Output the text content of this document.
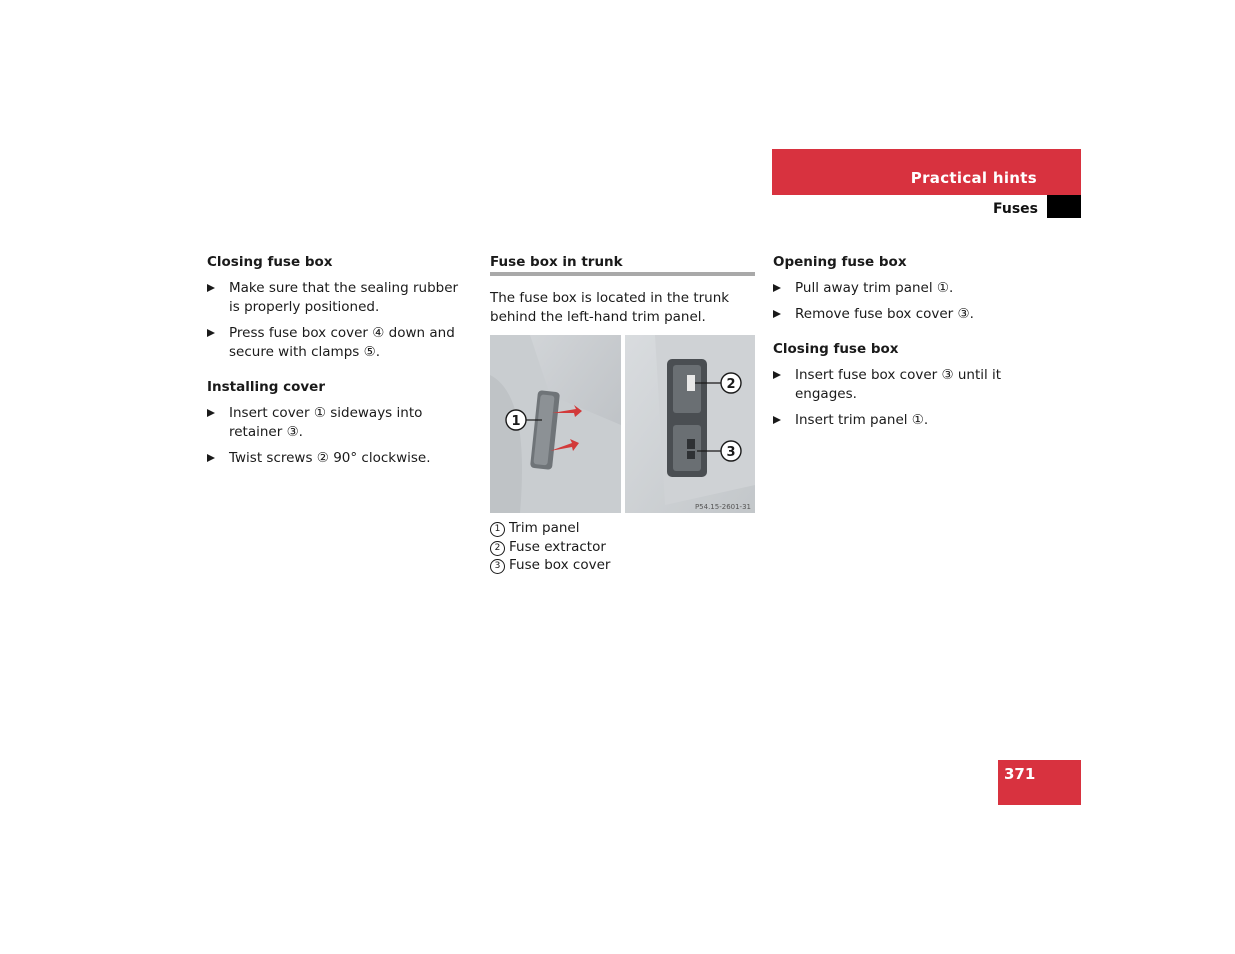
Practical hints
Fuses
Closing fuse box
Make sure that the sealing rubber is properly positioned.
Press fuse box cover ④ down and secure with clamps ⑤.
Installing cover
Insert cover ① sideways into retainer ③.
Twist screws ② 90° clockwise.
Fuse box in trunk

The fuse box is located in the trunk behind the left-hand trim panel.

1
2
3
P54.15-2601-31
1 Trim panel
2 Fuse extractor
3 Fuse box cover
Opening fuse box
Pull away trim panel ①.
Remove fuse box cover ③.
Closing fuse box
Insert fuse box cover ③ until it engages.
Insert trim panel ①.
371
